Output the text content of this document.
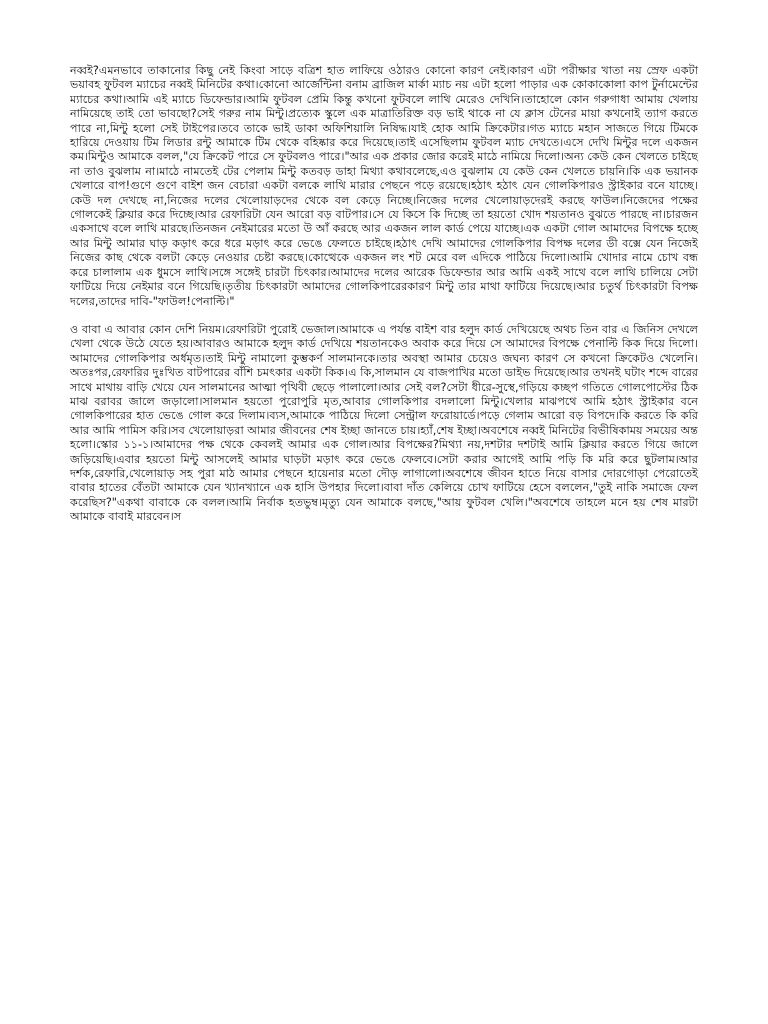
নব্বই?এমনভাবে তাকানোর কিছু নেই কিংবা সাড়ে বত্রিশ হাত লাফিয়ে ওঠারও কোনো কারণ নেই।কারণ এটা পরীক্ষার খাতা নয় স্রেফ একটা ভয়াবহ ফুটবল ম্যাচের নব্বই মিনিটের কথা।কোনো আর্জেন্টিনা বনাম ব্রাজিল মার্কা ম্যাচ নয় এটা হলো পাড়ার এক কোকাকোলা কাপ টুর্নামেন্টের ম্যাচের কথা।আমি এই ম্যাচে ডিফেন্ডার।আমি ফুটবল প্রেমি কিন্তু কখনো ফুটবলে লাথি মেরেও দেখিনি।তাহোলে কোন গরুগাধা আমায় খেলায় নামিয়েছে তাই তো ভাবছো?সেই গরুর নাম মিন্টু।প্রত্যেক স্কুলে এক মাত্রাতিরিক্ত বড় ভাই থাকে না যে ক্লাস টেনের মায়া কখনোই ত্যাগ করতে পারে না,মিন্টু হলো সেই টাইপের।তবে তাকে ভাই ডাকা অফিশিয়ালি নিষিদ্ধ।যাই হোক আমি ক্রিকেটার।গত ম্যাচে মহান সাজতে গিয়ে টিমকে হারিয়ে দেওয়ায় টিম লিডার রন্টু আমাকে টিম থেকে বহিষ্কার করে দিয়েছে।তাই এসেছিলাম ফুটবল ম্যাচ দেখতে।এসে দেখি মিন্টুর দলে একজন কম।মিন্টুও আমাকে বলল,"যে ক্রিকেট পারে সে ফুটবলও পারে।"আর এক প্রকার জোর করেই মাঠে নামিয়ে দিলো।অন্য কেউ কেন খেলতে চাইছে না তাও বুঝলাম না।মাঠে নামতেই টের পেলাম মিন্টু কতবড় ডাহা মিথ্যা কথাবলেছে,এও বুঝলাম যে কেউ কেন খেলতে চায়নি।কি এক ভয়ানক খেলারে বাপ!গুণে গুণে বাইশ জন বেচারা একটা বলকে লাথি মারার পেছনে পড়ে রয়েছে।হঠাৎ হঠাৎ যেন গোলকিপারও স্ট্রাইকার বনে যাচ্ছে।কেউ দল দেখছে না,নিজের দলের খেলোয়াড়দের থেকে বল কেড়ে নিচ্ছে।নিজের দলের খেলোয়াড়দেরই করছে ফাউল।নিজেদের পক্ষের গোলকেই ক্লিয়ার করে দিচ্ছে।আর রেফারিটা যেন আরো বড় বাটপার।সে যে কিসে কি দিচ্ছে তা হয়তো খোদ শয়তানও বুঝতে পারছে না।চারজন একসাথে বলে লাথি মারছে।তিনজন নেইমারের মতো উ আঁ করছে আর একজন লাল কার্ড পেয়ে যাচ্ছে।এক একটা গোল আমাদের বিপক্ষে হচ্ছে আর মিন্টু আমার ঘাড় কড়াৎ করে ধরে মড়াৎ করে ভেঙে ফেলতে চাইছে।হঠাৎ দেখি আমাদের গোলকিপার বিপক্ষ দলের ডী বক্সে যেন নিজেই নিজের কাছ থেকে বলটা কেড়ে নেওয়ার চেষ্টা করছে।কোত্থেকে একজন লং শট মেরে বল এদিকে পাঠিয়ে দিলো।আমি খোদার নামে চোখ বন্ধ করে চালালাম এক ধুমসে লাথি।সঙ্গে সঙ্গেই চারটা চিৎকার।আমাদের দলের আরেক ডিফেন্ডার আর আমি একই সাথে বলে লাথি চালিয়ে সেটা ফাটিয়ে দিয়ে নেইমার বনে গিয়েছি।তৃতীয় চিৎকারটা আমাদের গোলকিপারেরকারণ মিন্টু তার মাথা ফাটিয়ে দিয়েছে।আর চতুর্থ চিৎকারটা বিপক্ষ দলের,তাদের দাবি-"ফাউল!পেনাল্টি।"

ও বাবা এ আবার কোন দেশি নিয়ম।রেফারিটা পুরোই ভেজাল।আমাকে এ পর্যন্ত বাইশ বার হলুদ কার্ড দেখিয়েছে অথচ তিন বার এ জিনিস দেখলে খেলা থেকে উঠে যেতে হয়।আবারও আমাকে হলুদ কার্ড দেখিয়ে শয়তানকেও অবাক করে দিয়ে সে আমাদের বিপক্ষে পেনাল্টি কিক দিয়ে দিলো।আমাদের গোলকিপার অর্ধমৃত।তাই মিন্টু নামালো কুম্ভকর্ণ সালমানকে।তার অবস্থা আমার চেয়েও জঘন্য কারণ সে কখনো ক্রিকেটও খেলেনি।অতঃপর,রেফারির দুঃখিত বাটপারের বাঁশি চমৎকার একটা কিক।এ কি,সালমান যে বাজপাখির মতো ডাইভ দিয়েছে।আর তখনই ঘটাং শব্দে বারের সাথে মাথায় বাড়ি খেয়ে যেন সালমানের আত্মা পৃথিবী ছেড়ে পালালো।আর সেই বল?সেটা ধীরে-সুস্থে,গড়িয়ে কচ্ছপ গতিতে গোলপোস্টের ঠিক মাঝ বরাবর জালে জড়ালো।সালমান হয়তো পুরোপুরি মৃত,আবার গোলকিপার বদলালো মিন্টু।খেলার মাঝপথে আমি হঠাৎ স্ট্রাইকার বনে গোলকিপারের হাত ভেঙে গোল করে দিলাম।ব্যস,আমাকে পাঠিয়ে দিলো সেন্ট্রাল ফরোয়ার্ডে।পড়ে গেলাম আরো বড় বিপদে।কি করতে কি করি আর আমি পামিস করি।সব খেলোয়াড়রা আমার জীবনের শেষ ইচ্ছা জানতে চায়।হ্যাঁ,শেষ ইচ্ছা।অবশেষে নব্বই মিনিটের বিভীষিকাময় সময়ের অন্ত হলো।স্কোর ১১-১।আমাদের পক্ষ থেকে কেবলই আমার এক গোল।আর বিপক্ষের?মিথ্যা নয়,দশটার দশটাই আমি ক্লিয়ার করতে গিয়ে জালে জড়িয়েছি।এবার হয়তো মিন্টু আসলেই আমার ঘাড়টা মড়াৎ করে ভেঙে ফেলবে।সেটা করার আগেই আমি পড়ি কি মরি করে ছুটলাম।আর দর্শক,রেফারি,খেলোয়াড় সহ পুরা মাঠ আমার পেছনে হায়েনার মতো দৌড় লাগালো।অবশেষে জীবন হাতে নিয়ে বাসার দোরগোড়া পেরোতেই বাবার হাতের বেঁতটা আমাকে যেন খ্যানখ্যানে এক হাসি উপহার দিলো।বাবা দাঁত কেলিয়ে চোখ ফাটিয়ে হেসে বললেন,"তুই নাকি সমাজে ফেল করেছিস?"একথা বাবাকে কে বলল।আমি নির্বাক হতভুম্ব।মৃত্যু যেন আমাকে বলছে,"আয় ফুটবল খেলি।"অবশেষে তাহলে মনে হয় শেষ মারটা আমাকে বাবাই মারবেন।স
